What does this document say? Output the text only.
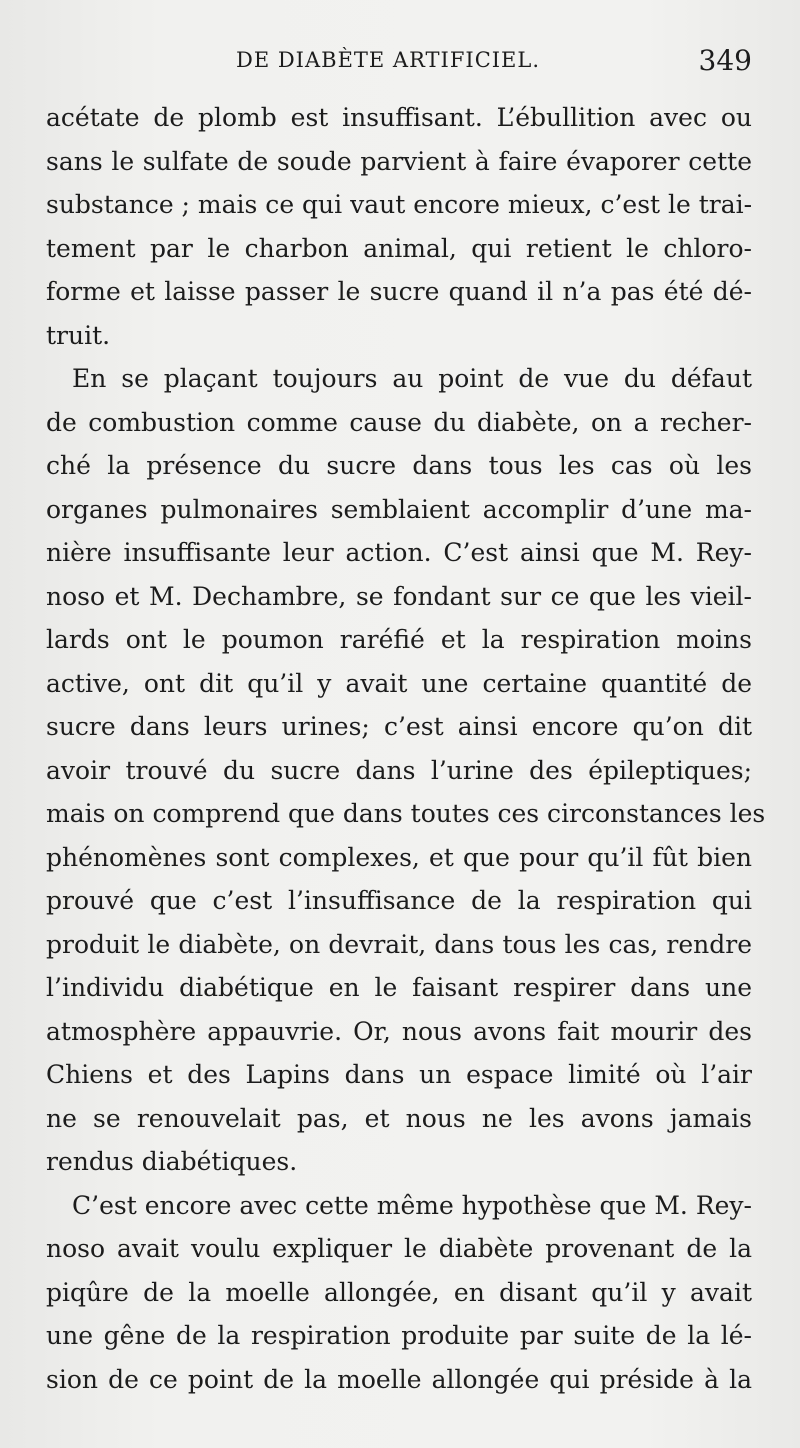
DE DIABÈTE ARTIFICIEL.	349
acétate de plomb est insuffisant. L’ébullition avec ou
sans le sulfate de soude parvient à faire évaporer cette
substance ; mais ce qui vaut encore mieux, c’est le trai-
tement par le charbon animal, qui retient le chloro-
forme et laisse passer le sucre quand il n’a pas été dé-
truit.
En se plaçant toujours au point de vue du défaut
de combustion comme cause du diabète, on a recher-
ché la présence du sucre dans tous les cas où les
organes pulmonaires semblaient accomplir d’une ma-
nière insuffisante leur action. C’est ainsi que M. Rey-
noso et M. Dechambre, se fondant sur ce que les vieil-
lards ont le poumon raréfié et la respiration moins
active, ont dit qu’il y avait une certaine quantité de
sucre dans leurs urines; c’est ainsi encore qu’on dit
avoir trouvé du sucre dans l’urine des épileptiques;
mais on comprend que dans toutes ces circonstances les
phénomènes sont complexes, et que pour qu’il fût bien
prouvé que c’est l’insuffisance de la respiration qui
produit le diabète, on devrait, dans tous les cas, rendre
l’individu diabétique en le faisant respirer dans une
atmosphère appauvrie. Or, nous avons fait mourir des
Chiens et des Lapins dans un espace limité où l’air
ne se renouvelait pas, et nous ne les avons jamais
rendus diabétiques.
C’est encore avec cette même hypothèse que M. Rey-
noso avait voulu expliquer le diabète provenant de la
piqûre de la moelle allongée, en disant qu’il y avait
une gêne de la respiration produite par suite de la lé-
sion de ce point de la moelle allongée qui préside à la
